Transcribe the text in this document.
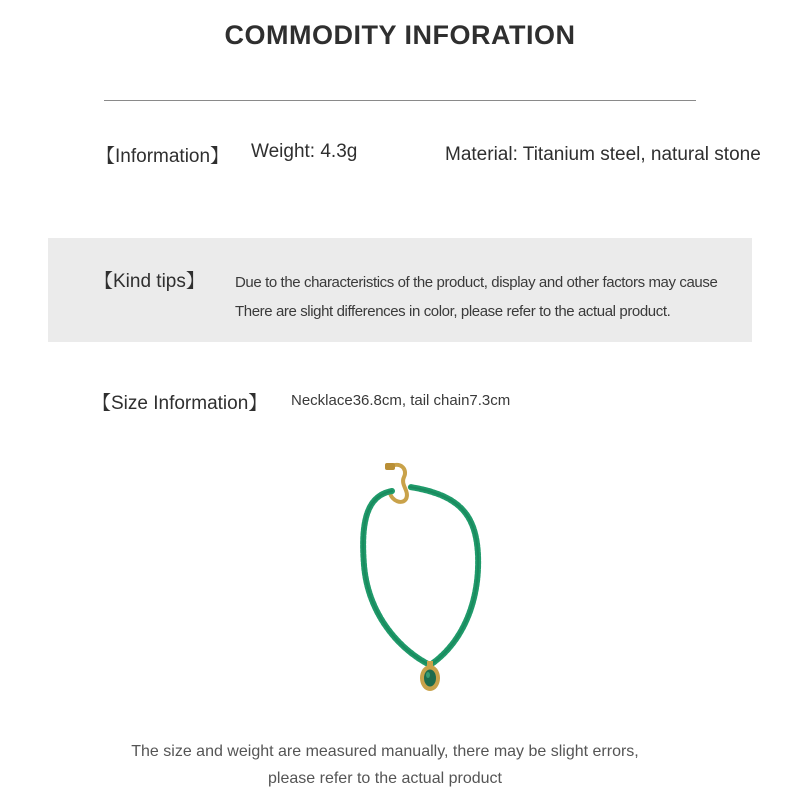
COMMODITY INFORATION
【Information】 Weight: 4.3g	Material: Titanium steel, natural stone
【Kind tips】 Due to the characteristics of the product, display and other factors may cause
There are slight differences in color, please refer to the actual product.
【Size Information】 Necklace36.8cm, tail chain7.3cm
The size and weight are measured manually, there may be slight errors,
please refer to the actual product
